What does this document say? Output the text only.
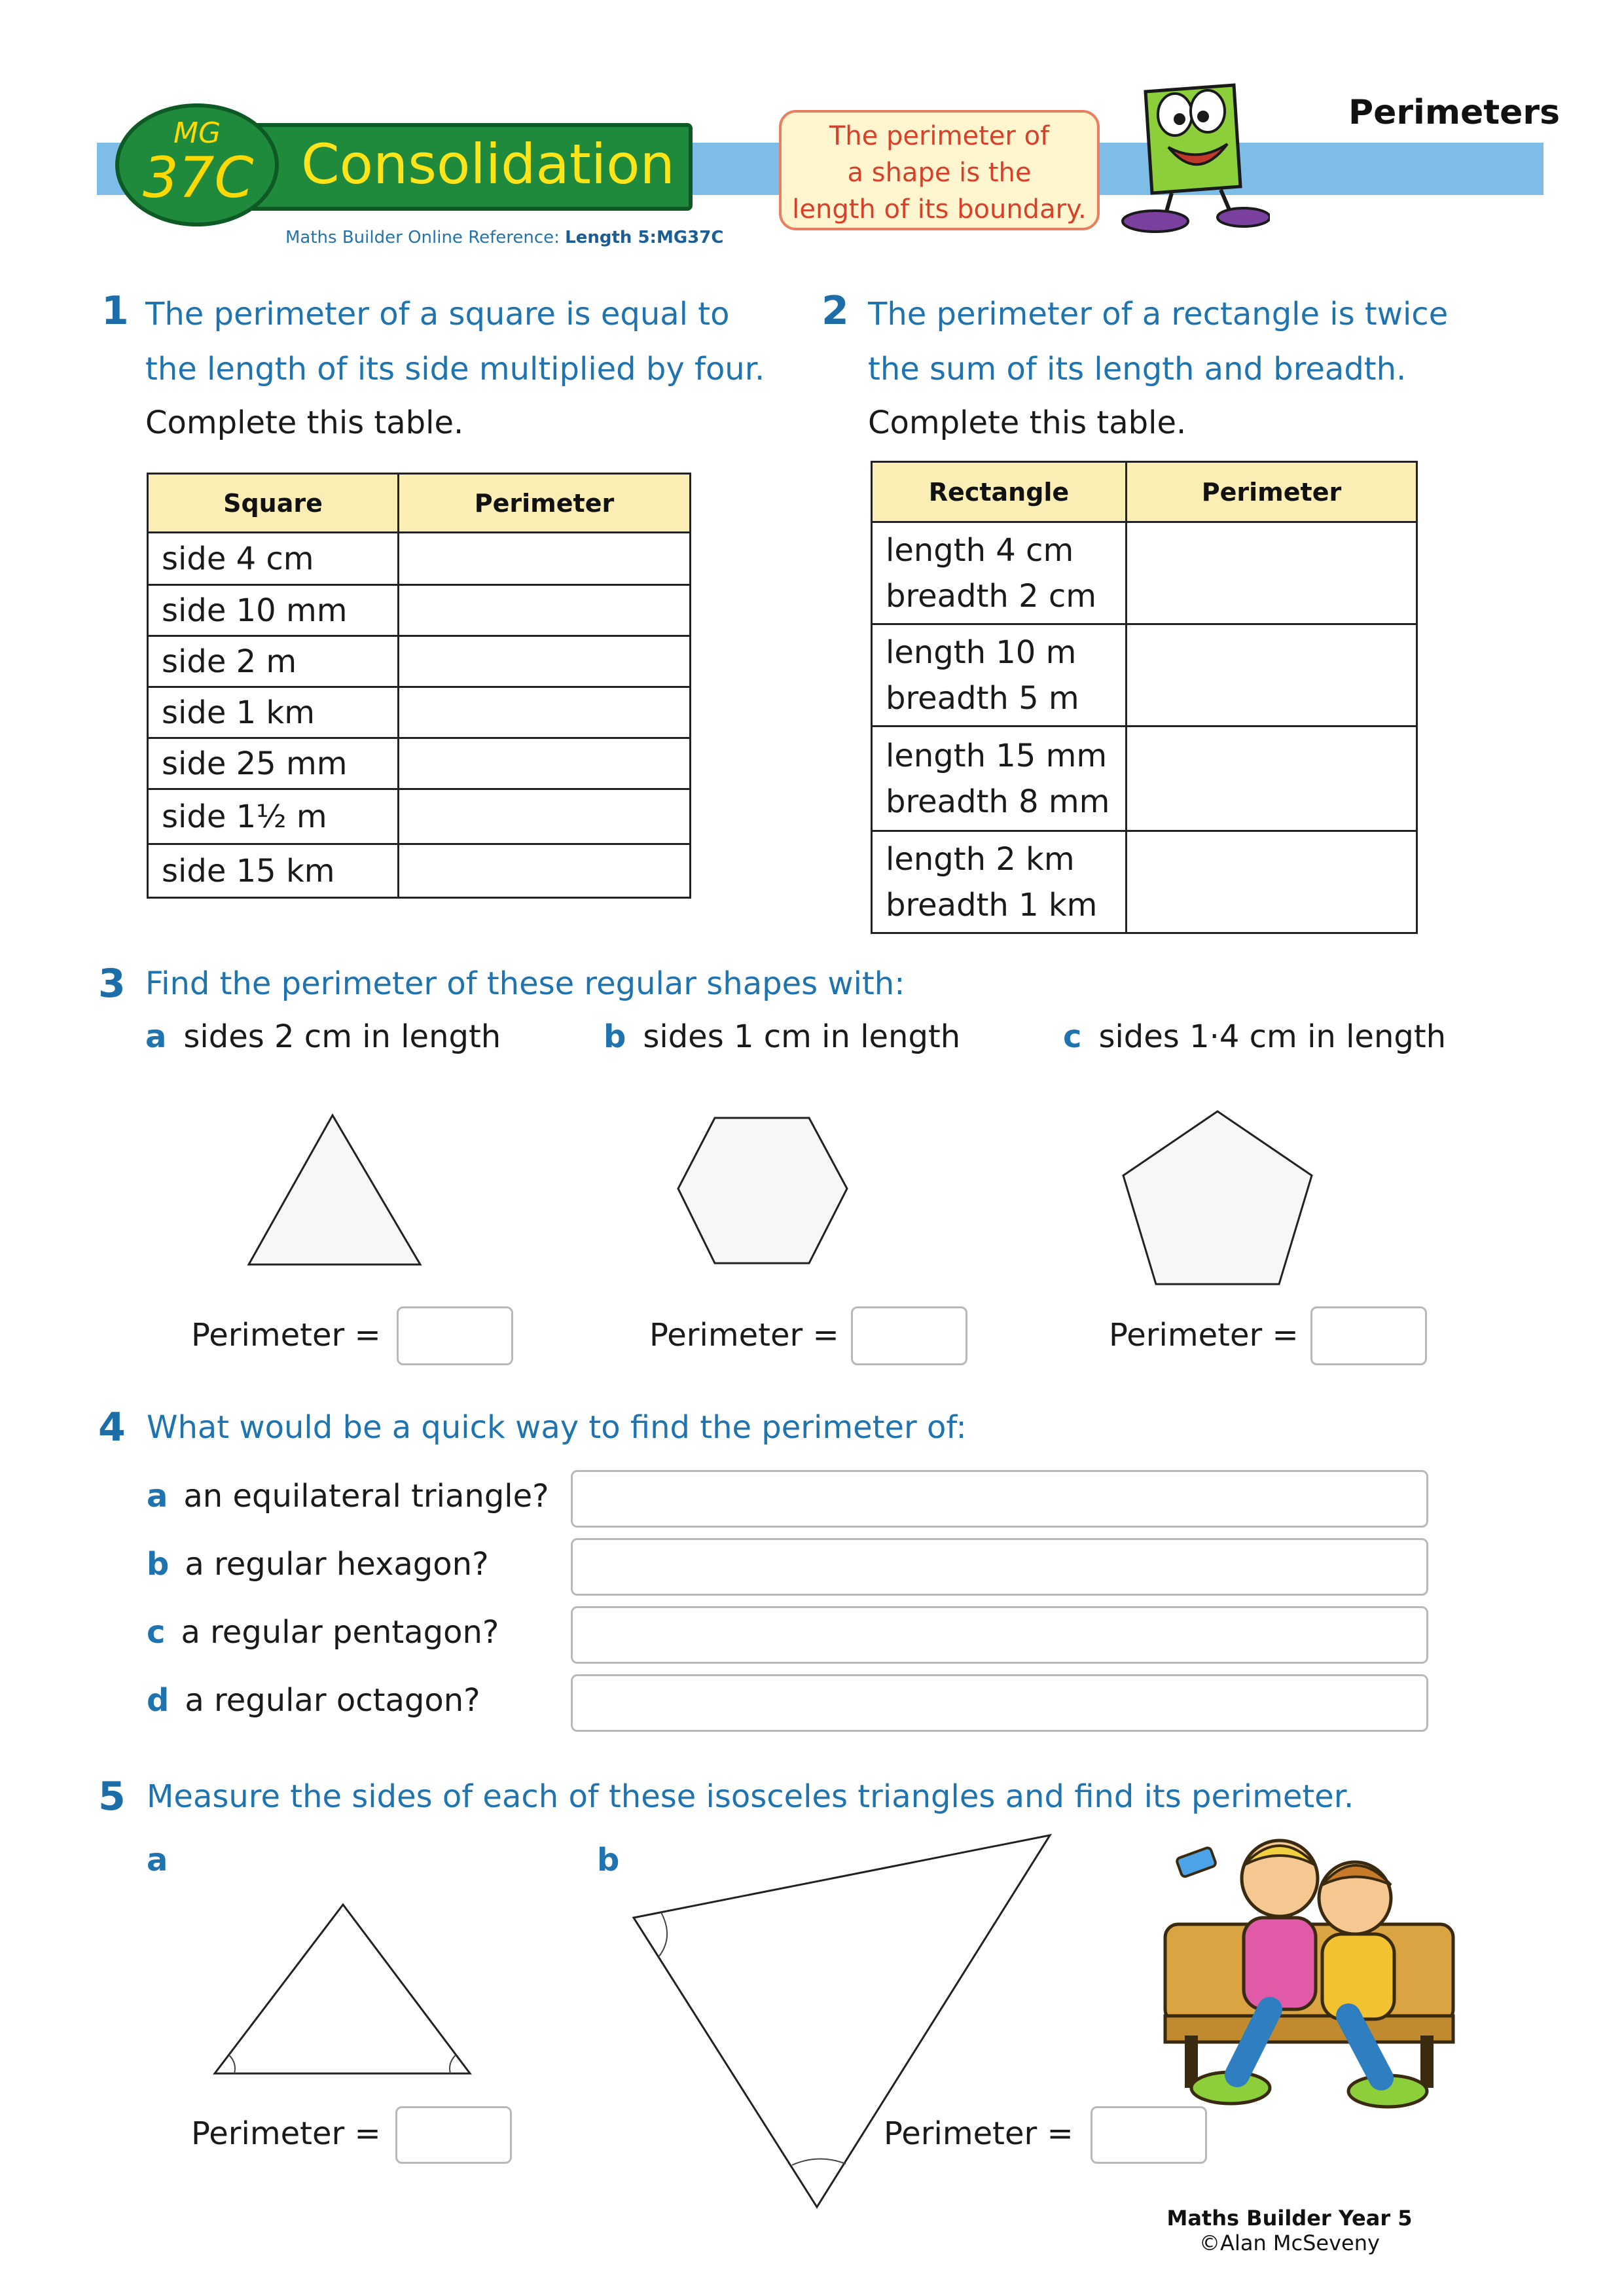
MG
37C Consolidation
Maths Builder Online Reference: Length 5:MG37C
The perimeter of
a shape is the
length of its boundary.
Perimeters
1 The perimeter of a square is equal to
the length of its side multiplied by four.
Complete this table.
Square	Perimeter
side 4 cm	
side 10 mm	
side 2 m	
side 1 km	
side 25 mm	
side 1½ m	
side 15 km	
2 The perimeter of a rectangle is twice
the sum of its length and breadth.
Complete this table.
Rectangle	Perimeter

length 4 cm
breadth 2 cm	

length 10 m
breadth 5 m	

length 15 mm
breadth 8 mm	

length 2 km
breadth 1 km	

3 Find the perimeter of these regular shapes with:
a sides 2 cm in length	b sides 1 cm in length	c sides 1·4 cm in length
Perimeter =	Perimeter =	Perimeter =
4 What would be a quick way to find the perimeter of:
a an equilateral triangle?
b a regular hexagon?
c a regular pentagon?
d a regular octagon?
5 Measure the sides of each of these isosceles triangles and find its perimeter.
a	b
Perimeter =	Perimeter =
Maths Builder Year 5
©Alan McSeveny
